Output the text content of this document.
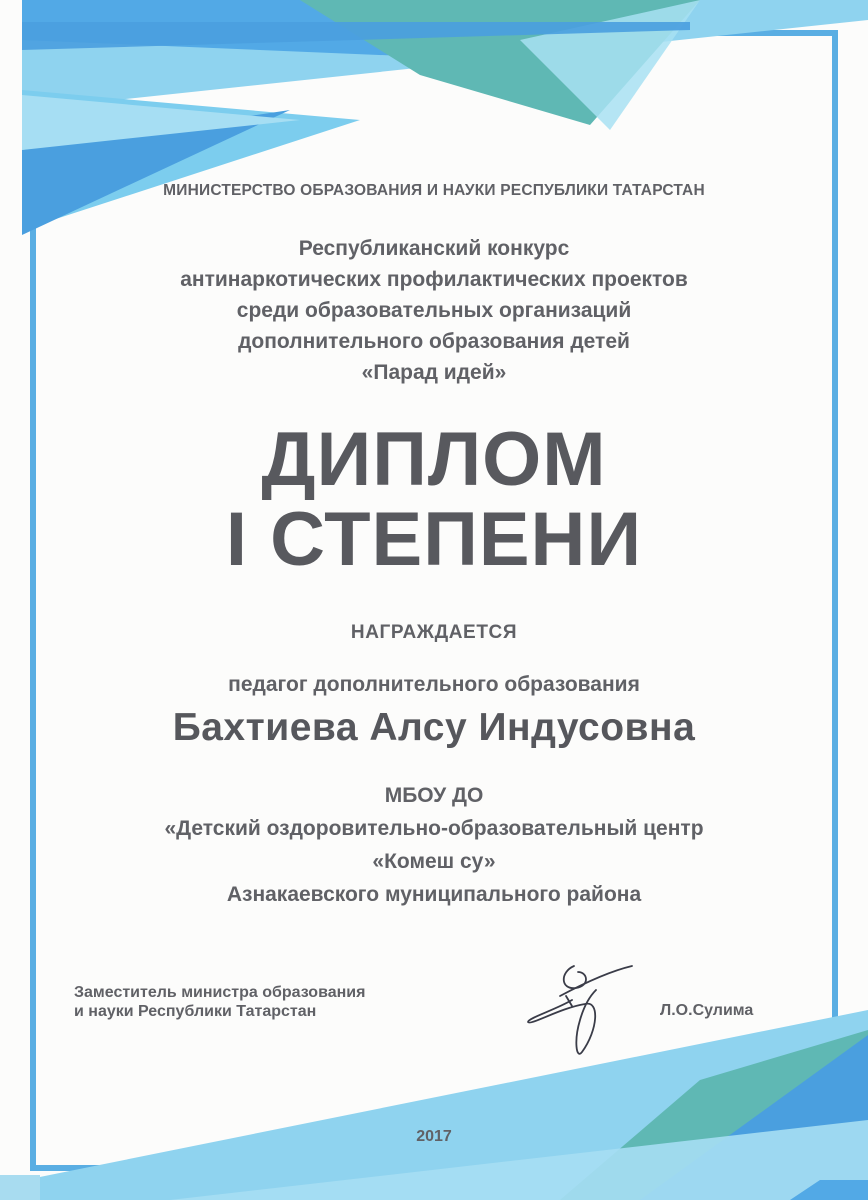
МИНИСТЕРСТВО ОБРАЗОВАНИЯ И НАУКИ РЕСПУБЛИКИ ТАТАРСТАН

Республиканский конкурс
антинаркотических профилактических проектов
среди образовательных организаций
дополнительного образования детей
«Парад идей»
ДИПЛОМ
I СТЕПЕНИ

НАГРАЖДАЕТСЯ

педагог дополнительного образования

Бахтиева Алсу Индусовна

МБОУ ДО
«Детский оздоровительно-образовательный центр
«Комеш су»
Азнакаевского муниципального района
Заместитель министра образования
и науки Республики Татарстан	Л.О.Сулима
2017
